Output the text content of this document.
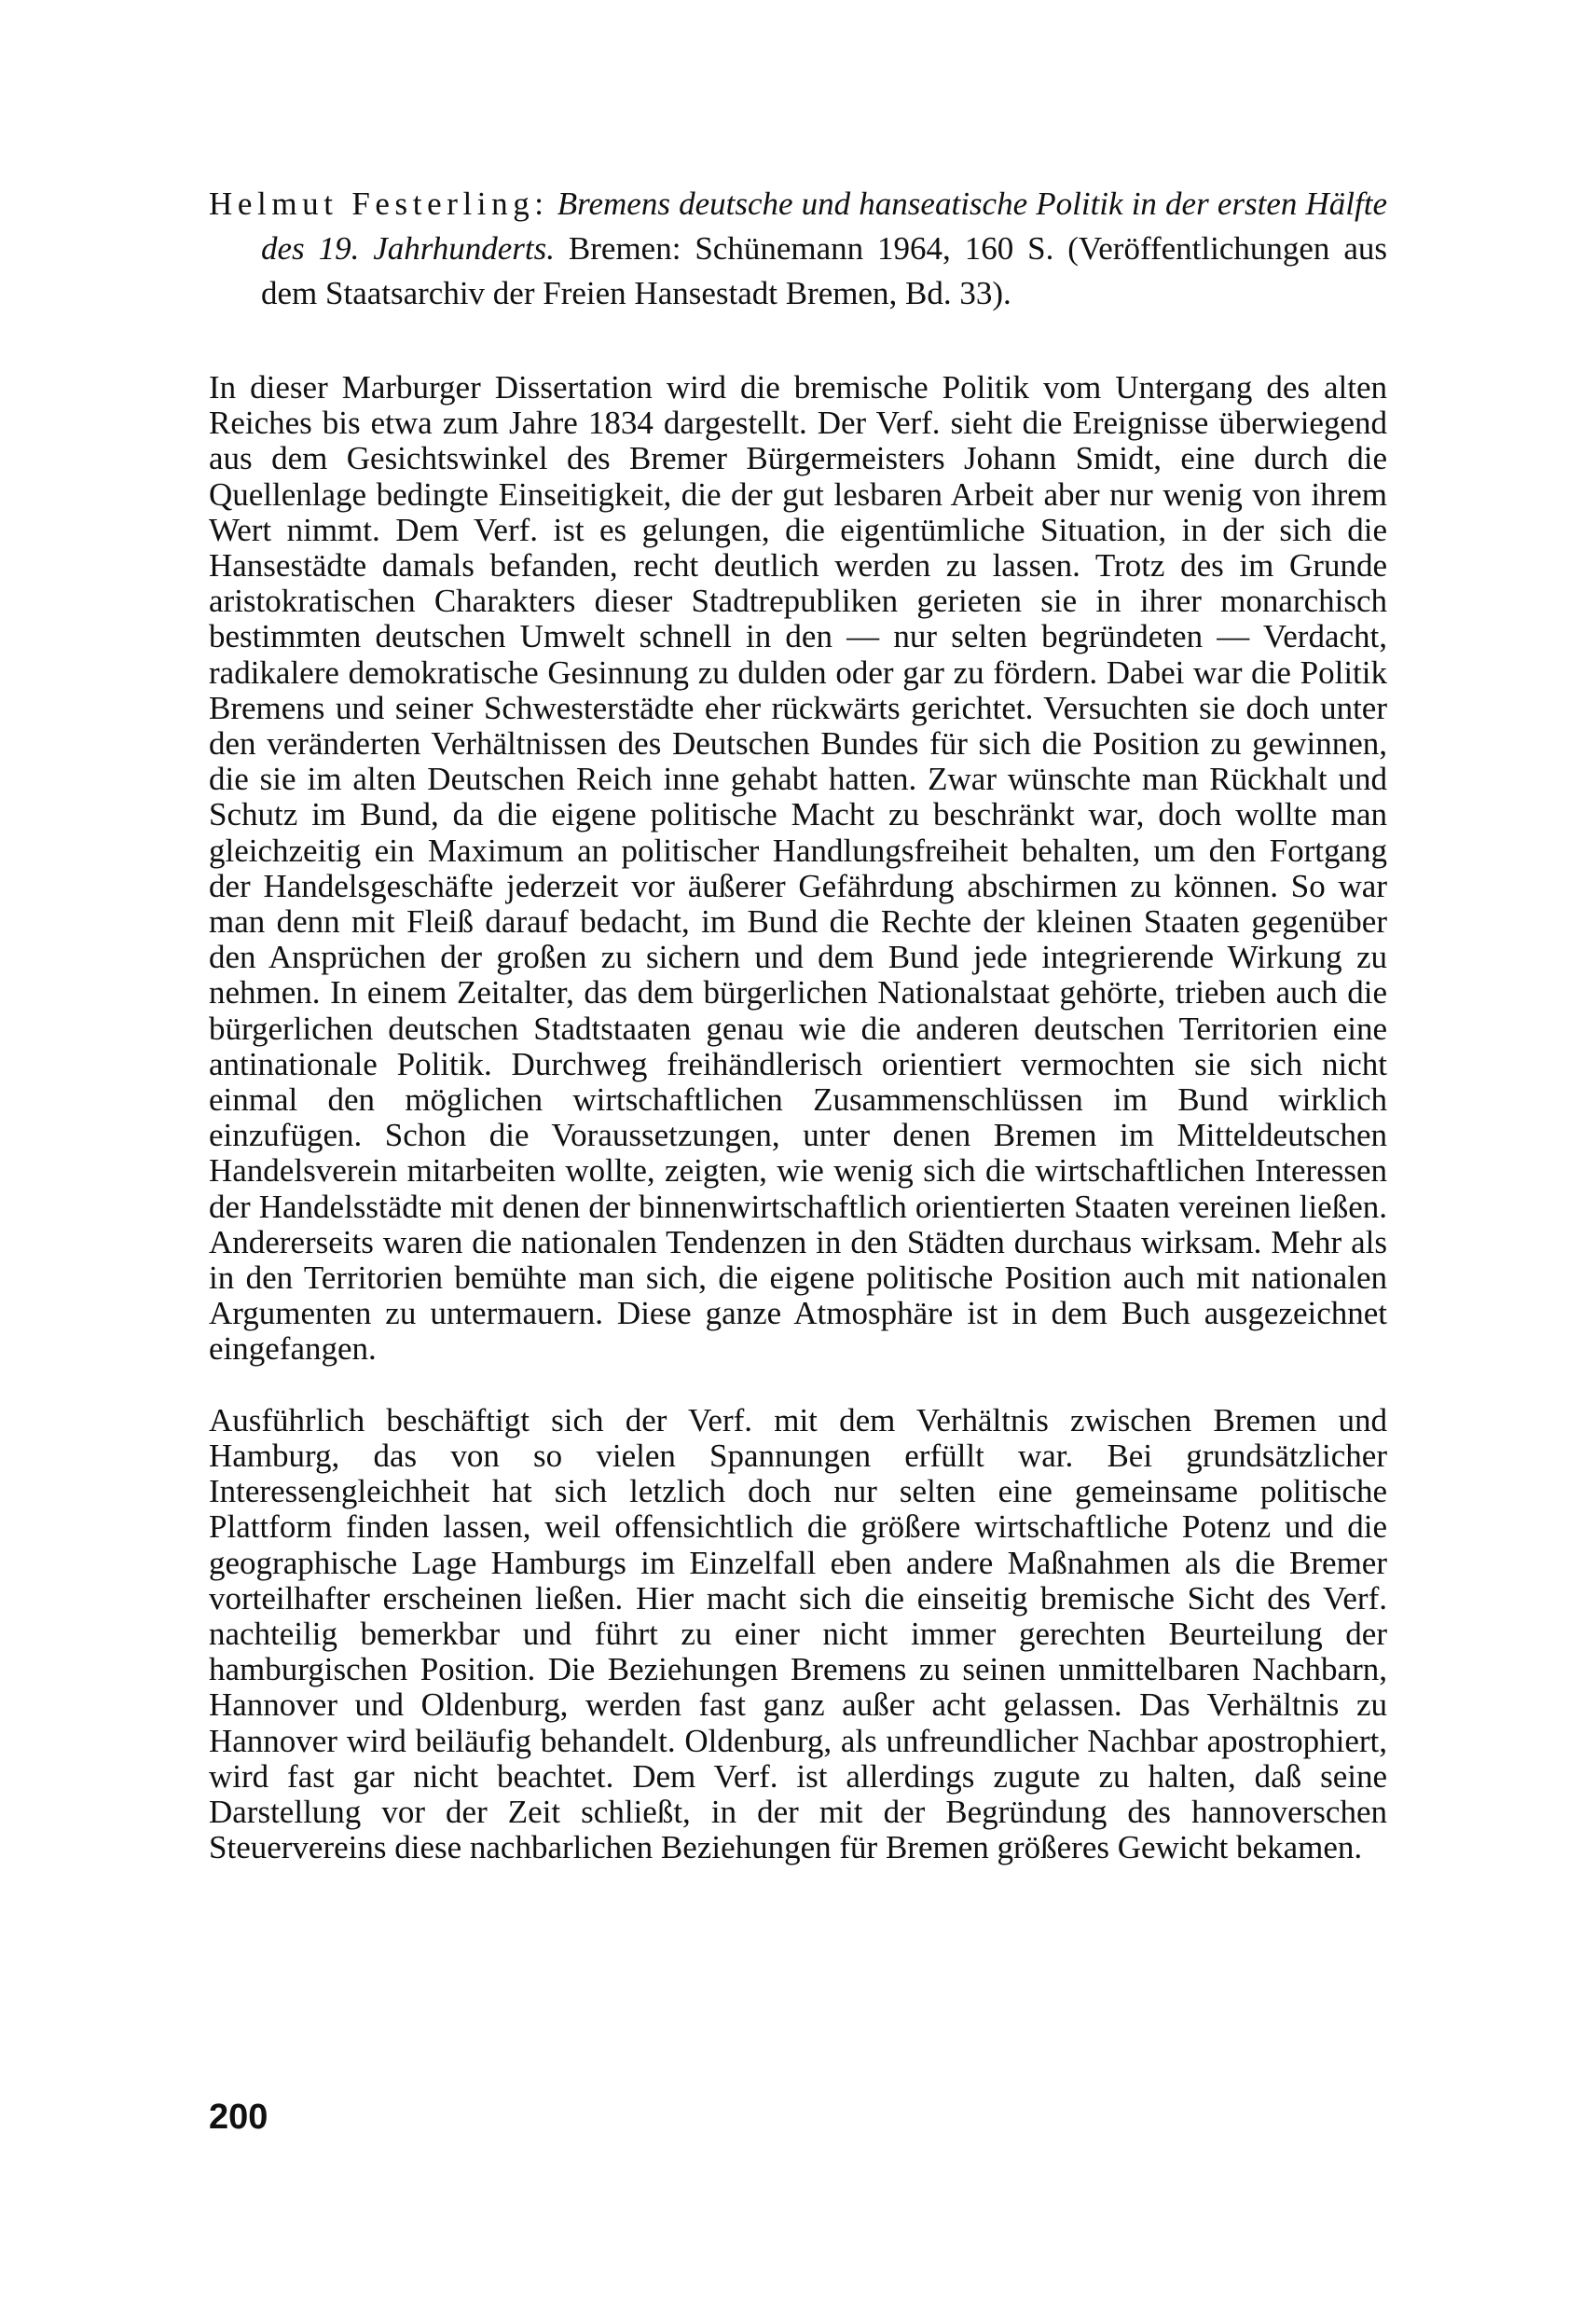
Helmut Festerling: Bremens deutsche und hanseatische Politik in der ersten Hälfte des 19. Jahrhunderts. Bremen: Schünemann 1964, 160 S. (Veröffentlichungen aus dem Staatsarchiv der Freien Hansestadt Bremen, Bd. 33).

In dieser Marburger Dissertation wird die bremische Politik vom Untergang des alten Reiches bis etwa zum Jahre 1834 dargestellt. Der Verf. sieht die Ereignisse überwiegend aus dem Gesichtswinkel des Bremer Bürgermeisters Johann Smidt, eine durch die Quellenlage bedingte Einseitigkeit, die der gut lesbaren Arbeit aber nur wenig von ihrem Wert nimmt. Dem Verf. ist es gelungen, die eigentümliche Situation, in der sich die Hansestädte damals befanden, recht deutlich werden zu lassen. Trotz des im Grunde aristokratischen Charakters dieser Stadtrepubliken gerieten sie in ihrer monarchisch bestimmten deutschen Umwelt schnell in den — nur selten begründeten — Verdacht, radikalere demokratische Gesinnung zu dulden oder gar zu fördern. Dabei war die Politik Bremens und seiner Schwesterstädte eher rückwärts gerichtet. Versuchten sie doch unter den veränderten Verhältnissen des Deutschen Bundes für sich die Position zu gewinnen, die sie im alten Deutschen Reich inne gehabt hatten. Zwar wünschte man Rückhalt und Schutz im Bund, da die eigene politische Macht zu beschränkt war, doch wollte man gleichzeitig ein Maximum an politischer Handlungsfreiheit behalten, um den Fortgang der Handelsgeschäfte jederzeit vor äußerer Gefährdung abschirmen zu können. So war man denn mit Fleiß darauf bedacht, im Bund die Rechte der kleinen Staaten gegenüber den Ansprüchen der großen zu sichern und dem Bund jede integrierende Wirkung zu nehmen. In einem Zeitalter, das dem bürgerlichen Nationalstaat gehörte, trieben auch die bürgerlichen deutschen Stadtstaaten genau wie die anderen deutschen Territorien eine antinationale Politik. Durchweg freihändlerisch orientiert vermochten sie sich nicht einmal den möglichen wirtschaftlichen Zusammenschlüssen im Bund wirklich einzufügen. Schon die Voraussetzungen, unter denen Bremen im Mitteldeutschen Handelsverein mitarbeiten wollte, zeigten, wie wenig sich die wirtschaftlichen Interessen der Handelsstädte mit denen der binnenwirtschaftlich orientierten Staaten vereinen ließen. Andererseits waren die nationalen Tendenzen in den Städten durchaus wirksam. Mehr als in den Territorien bemühte man sich, die eigene politische Position auch mit nationalen Argumenten zu untermauern. Diese ganze Atmosphäre ist in dem Buch ausgezeichnet eingefangen.

Ausführlich beschäftigt sich der Verf. mit dem Verhältnis zwischen Bremen und Hamburg, das von so vielen Spannungen erfüllt war. Bei grundsätzlicher Interessengleichheit hat sich letzlich doch nur selten eine gemeinsame politische Plattform finden lassen, weil offensichtlich die größere wirtschaftliche Potenz und die geographische Lage Hamburgs im Einzelfall eben andere Maßnahmen als die Bremer vorteilhafter erscheinen ließen. Hier macht sich die einseitig bremische Sicht des Verf. nachteilig bemerkbar und führt zu einer nicht immer gerechten Beurteilung der hamburgischen Position. Die Beziehungen Bremens zu seinen unmittelbaren Nachbarn, Hannover und Oldenburg, werden fast ganz außer acht gelassen. Das Verhältnis zu Hannover wird beiläufig behandelt. Oldenburg, als unfreundlicher Nachbar apostrophiert, wird fast gar nicht beachtet. Dem Verf. ist allerdings zugute zu halten, daß seine Darstellung vor der Zeit schließt, in der mit der Begründung des hannoverschen Steuervereins diese nachbarlichen Beziehungen für Bremen größeres Gewicht bekamen.

200
